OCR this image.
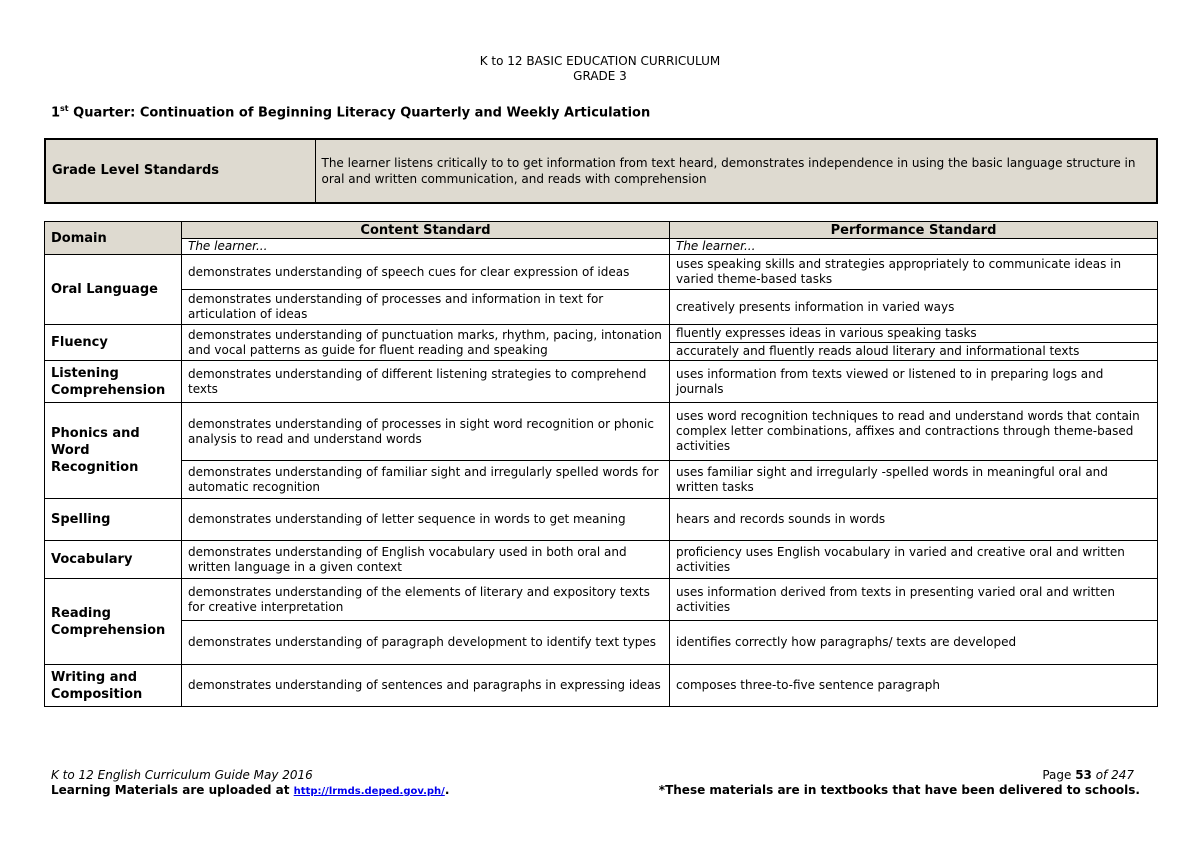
K to 12 BASIC EDUCATION CURRICULUM
GRADE 3
1st Quarter: Continuation of Beginning Literacy Quarterly and Weekly Articulation
Grade Level Standards	The learner listens critically to to get information from text heard, demonstrates independence in using the basic language structure in oral and written communication, and reads with comprehension
Domain	Content Standard	Performance Standard
	The learner...	The learner...
Oral Language	demonstrates understanding of speech cues for clear expression of ideas	uses speaking skills and strategies appropriately to communicate ideas in varied theme-based tasks
	demonstrates understanding of processes and information in text for articulation of ideas	creatively presents information in varied ways
Fluency	demonstrates understanding of punctuation marks, rhythm, pacing, intonation and vocal patterns as guide for fluent reading and speaking	fluently expresses ideas in various speaking tasks
		accurately and fluently reads aloud literary and informational texts
Listening Comprehension	demonstrates understanding of different listening strategies to comprehend texts	uses information from texts viewed or listened to in preparing logs and journals
Phonics and Word Recognition	demonstrates understanding of processes in sight word recognition or phonic analysis to read and understand words	uses word recognition techniques to read and understand words that contain complex letter combinations, affixes and contractions through theme-based activities
	demonstrates understanding of familiar sight and irregularly spelled words for automatic recognition	uses familiar sight and irregularly -spelled words in meaningful oral and written tasks
Spelling	demonstrates understanding of letter sequence in words to get meaning	hears and records sounds in words
Vocabulary	demonstrates understanding of English vocabulary used in both oral and written language in a given context	proficiency uses English vocabulary in varied and creative oral and written activities
Reading Comprehension	demonstrates understanding of the elements of literary and expository texts for creative interpretation	uses information derived from texts in presenting varied oral and written activities
	demonstrates understanding of paragraph development to identify text types	identifies correctly how paragraphs/ texts are developed
Writing and Composition	demonstrates understanding of sentences and paragraphs in expressing ideas	composes three-to-five sentence paragraph
K to 12 English Curriculum Guide May 2016
Learning Materials are uploaded at http://lrmds.deped.gov.ph/.
Page 53 of 247
*These materials are in textbooks that have been delivered to schools.
